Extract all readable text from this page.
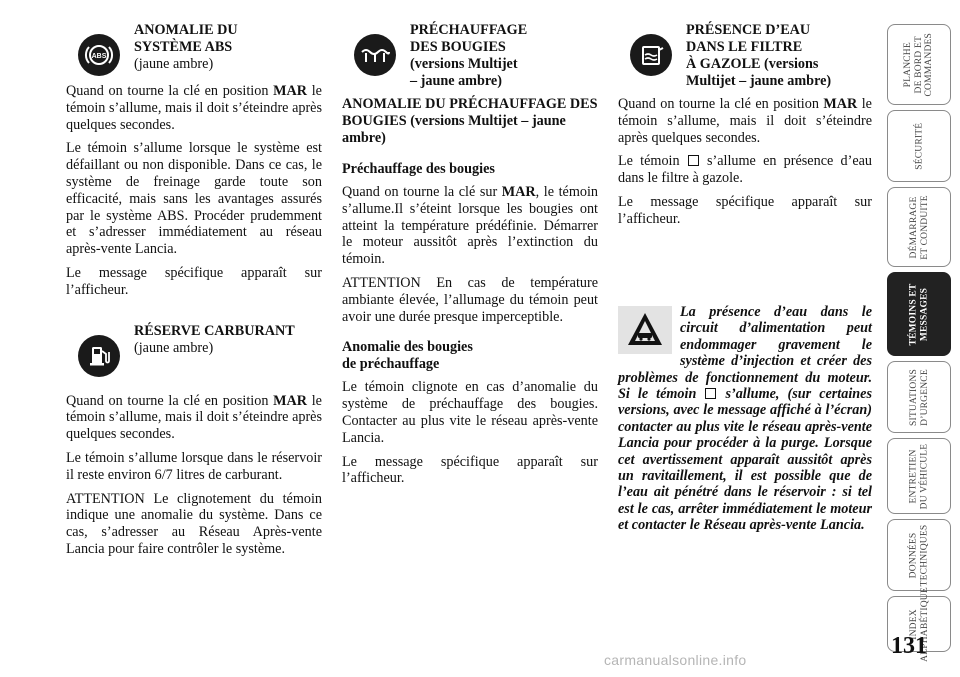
ABS
ANOMALIE DU
SYSTÈME ABS
(jaune ambre)

Quand on tourne la clé en position MAR le témoin s’allume, mais il doit s’éteindre après quelques secondes.

Le témoin s’allume lorsque le système est défaillant ou non disponible. Dans ce cas, le système de freinage garde toute son efficacité, mais sans les avantages assurés par le système ABS. Procéder prudemment et s’adresser immédiatement au réseau après-vente Lancia.

Le message spécifique apparaît sur l’afficheur.

RÉSERVE CARBURANT
(jaune ambre)

Quand on tourne la clé en position MAR le témoin s’allume, mais il doit s’éteindre après quelques secondes.

Le témoin s’allume lorsque dans le réservoir il reste environ 6/7 litres de carburant.

ATTENTION Le clignotement du témoin indique une anomalie du système. Dans ce cas, s’adresser au Réseau Après-vente Lancia pour faire contrôler le système.

PRÉCHAUFFAGE
DES BOUGIES
(versions Multijet
– jaune ambre)
ANOMALIE DU PRÉCHAUFFAGE DES BOUGIES (versions Multijet – jaune ambre)
Préchauffage des bougies

Quand on tourne la clé sur MAR, le témoin s’allume.Il s’éteint lorsque les bougies ont atteint la température prédéfinie. Démarrer le moteur aussitôt après l’extinction du témoin.

ATTENTION En cas de température ambiante élevée, l’allumage du témoin peut avoir une durée presque imperceptible.

Anomalie des bougies
de préchauffage

Le témoin clignote en cas d’anomalie du système de préchauffage des bougies. Contacter au plus vite le réseau après-vente Lancia.

Le message spécifique apparaît sur l’afficheur.

PRÉSENCE D’EAU
DANS LE FILTRE
À GAZOLE (versions
Multijet – jaune ambre)

Quand on tourne la clé en position MAR le témoin s’allume, mais il doit s’éteindre après quelques secondes.

Le témoin  s’allume en présence d’eau dans le filtre à gazole.

Le message spécifique apparaît sur l’afficheur.

La présence d’eau dans le circuit d’alimentation peut endommager gravement le système d’injection et créer des problèmes de fonctionnement du moteur. Si le témoin  s’allume, (sur certaines versions, avec le message affiché à l’écran) contacter au plus vite le réseau après-vente Lancia pour procéder à la purge. Lorsque cet avertissement apparaît aussitôt après un ravitaillement, il est possible que de l’eau ait pénétré dans le réservoir : si tel est le cas, arrêter immédiatement le moteur et contacter le Réseau après-vente Lancia.

PLANCHE DE BORD ET COMMANDES
SÉCURITÉ
DÉMARRAGE ET CONDUITE
TÉMOINS ET MESSAGES
SITUATIONS D’URGENCE
ENTRETIEN DU VÉHICULE
DONNÉES TECHNIQUES
INDEX ALPHABÉTIQUE
131
carmanualsonline.info
